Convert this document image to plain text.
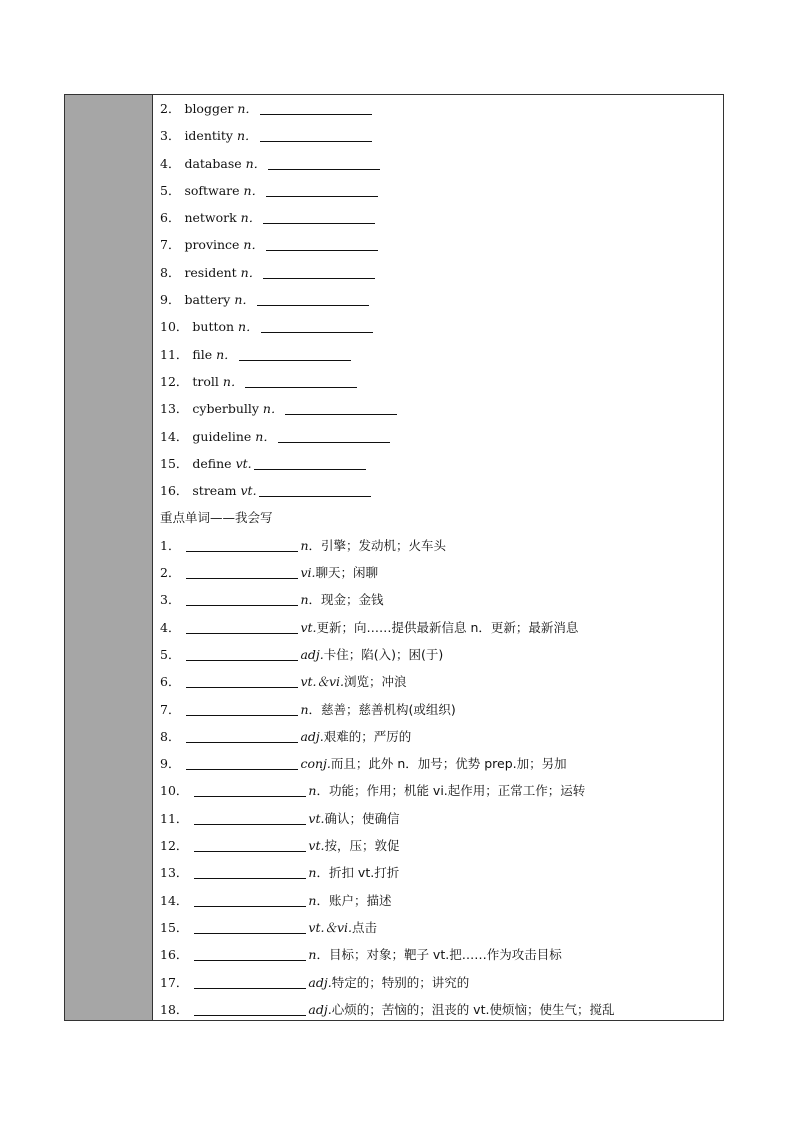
2． blogger n．
3． identity n．
4． database n．
5． software n．
6． network n．
7． province n．
8． resident n．
9． battery n．
10． button n．
11． file n．
12． troll n．
13． cyberbully n．
14． guideline n．
15． define vt.
16． stream vt.
重点单词——我会写
1．	n．引擎；发动机；火车头
2．	vi.聊天；闲聊
3．	n．现金；金钱
4．	vt.更新；向……提供最新信息 n．更新；最新消息
5．	adj.卡住；陷(入)；困(于)
6．	vt.＆vi.浏览；冲浪
7．	n．慈善；慈善机构(或组织)
8．	adj.艰难的；严厉的
9．	conj.而且；此外 n．加号；优势 prep.加；另加
10．	n．功能；作用；机能 vi.起作用；正常工作；运转
11．	vt.确认；使确信
12．	vt.按，压；敦促
13．	n．折扣 vt.打折
14．	n．账户；描述
15．	vt.＆vi.点击
16．	n．目标；对象；靶子 vt.把……作为攻击目标
17．	adj.特定的；特别的；讲究的
18．	adj.心烦的；苦恼的；沮丧的 vt.使烦恼；使生气；搅乱
